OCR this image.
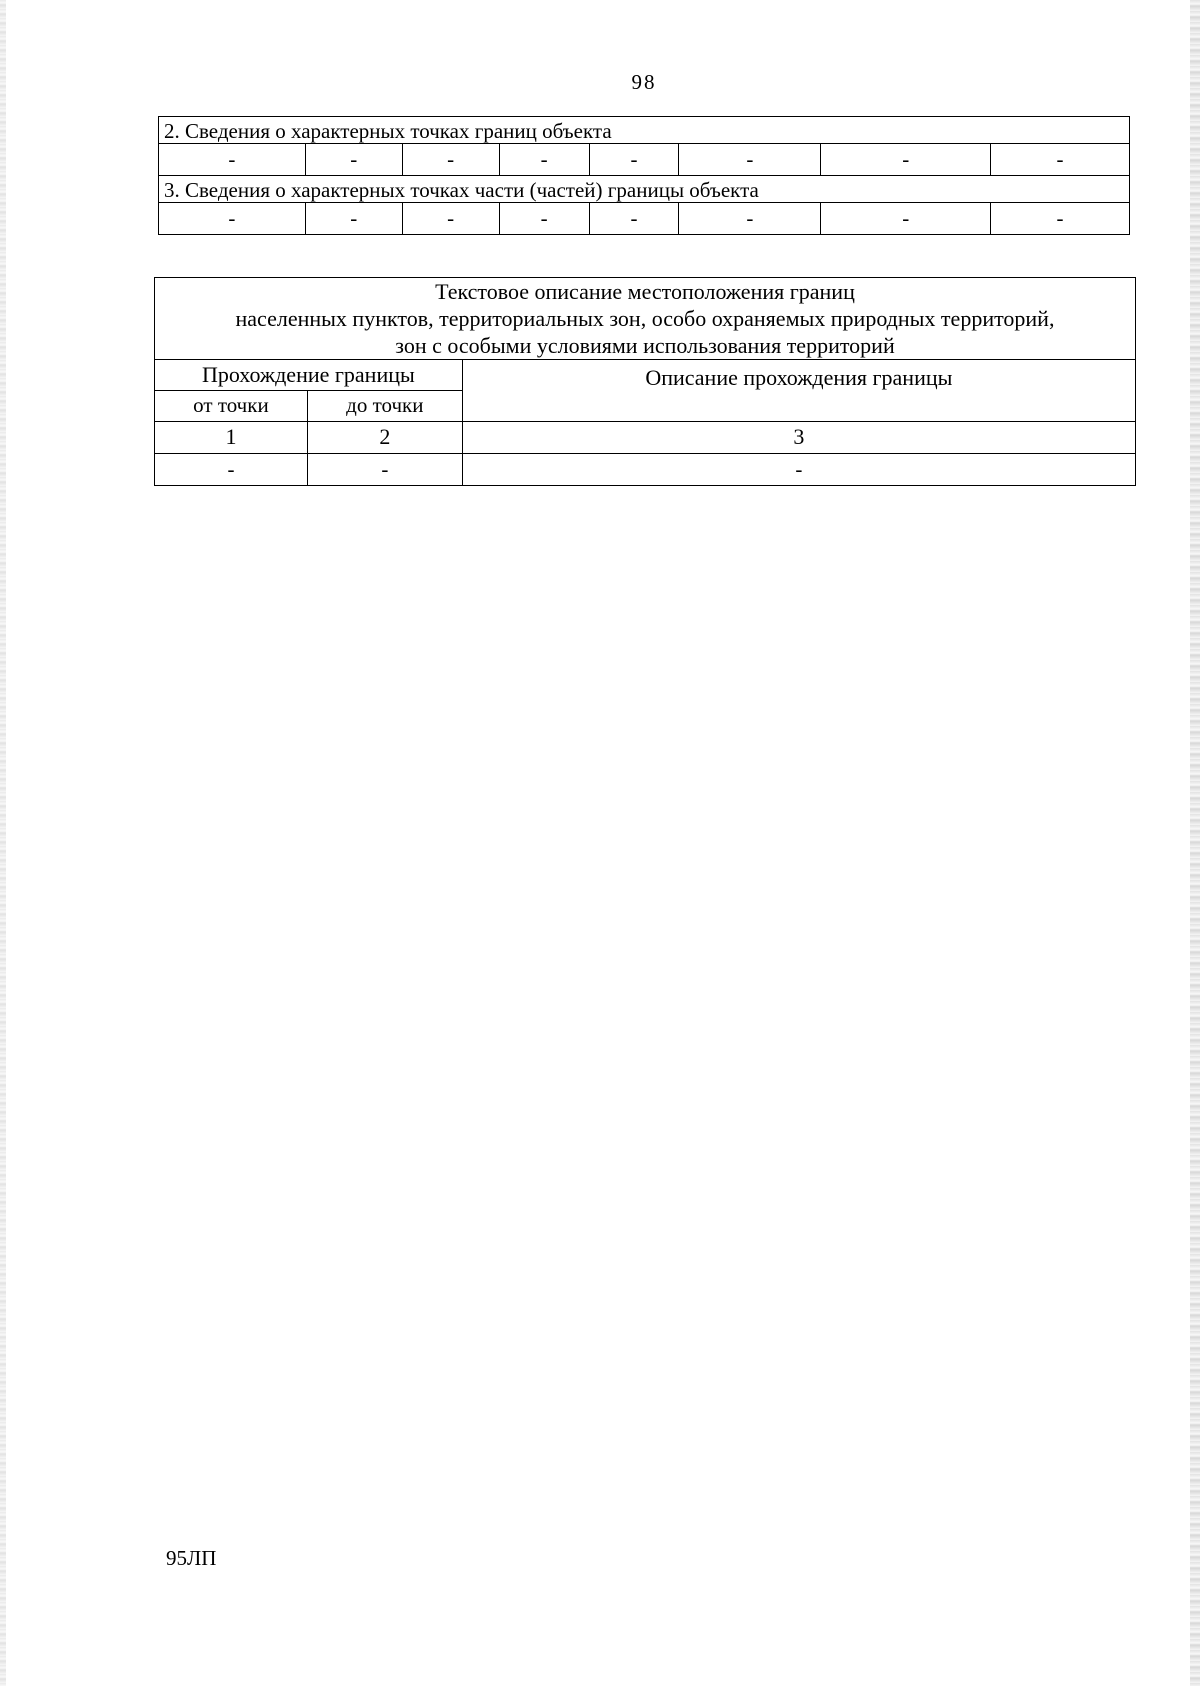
98
2. Сведения о характерных точках границ объекта							
-	-	-	-	-	-	-	-
3. Сведения о характерных точках части (частей) границы объекта							
-	-	-	-	-	-	-	-
Текстовое описание местоположения границ
населенных пунктов, территориальных зон, особо охраняемых природных территорий,
зон с особыми условиями использования территорий		

Прохождение границы		Описание прохождения границы
от точки	до точки	
1	2	3
-	-	-
95ЛП
